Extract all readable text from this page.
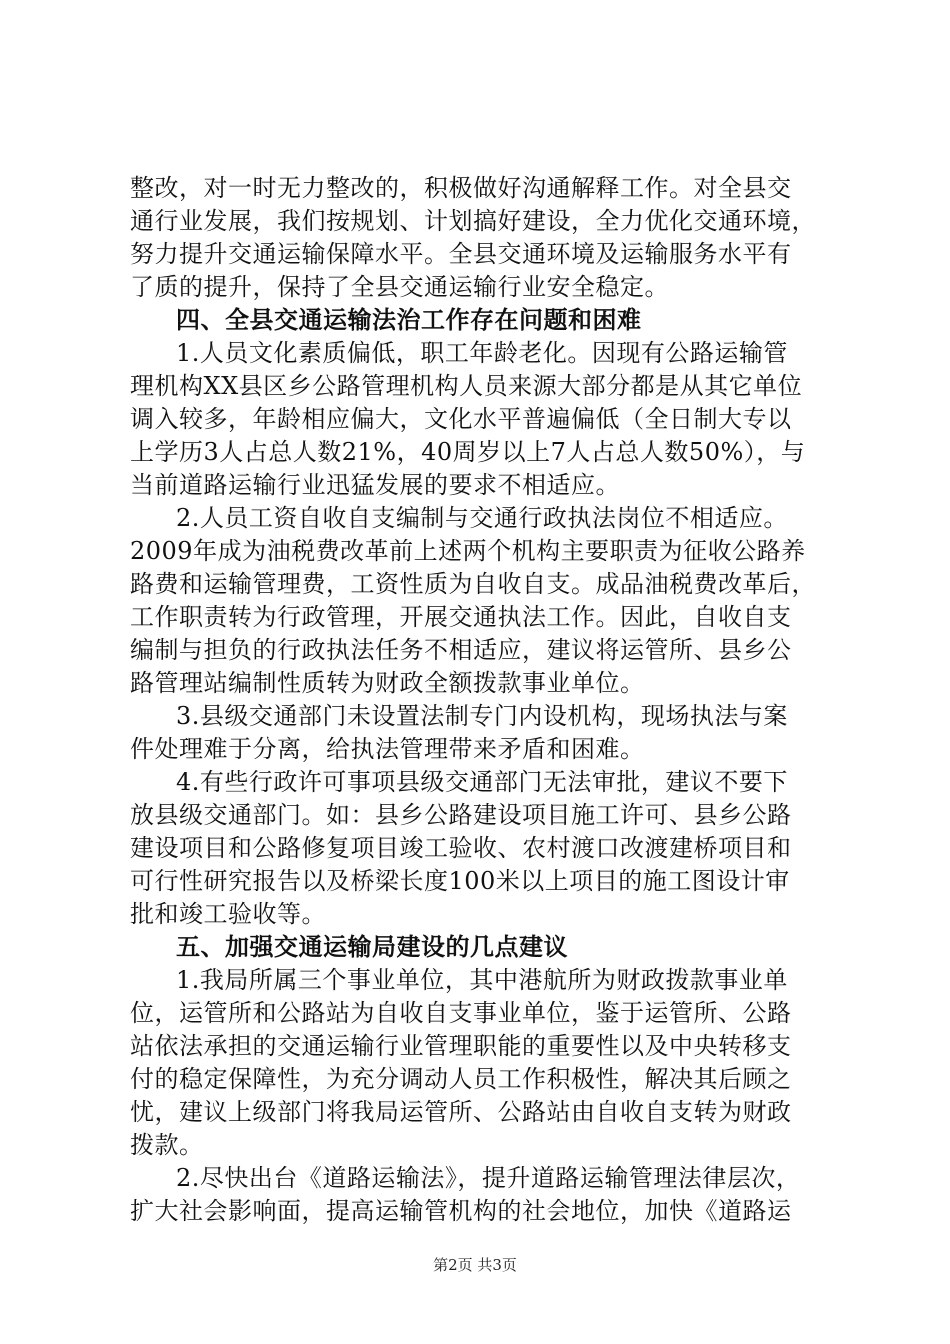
整改，对一时无力整改的，积极做好沟通解释工作。对全县交
通行业发展，我们按规划、计划搞好建设，全力优化交通环境，
努力提升交通运输保障水平。全县交通环境及运输服务水平有
了质的提升，保持了全县交通运输行业安全稳定。
四、全县交通运输法治工作存在问题和困难
1.人员文化素质偏低，职工年龄老化。因现有公路运输管
理机构XX县区乡公路管理机构人员来源大部分都是从其它单位
调入较多，年龄相应偏大，文化水平普遍偏低（全日制大专以
上学历3人占总人数21%，40周岁以上7人占总人数50%），与
当前道路运输行业迅猛发展的要求不相适应。
2.人员工资自收自支编制与交通行政执法岗位不相适应。
2009年成为油税费改革前上述两个机构主要职责为征收公路养
路费和运输管理费，工资性质为自收自支。成品油税费改革后，
工作职责转为行政管理，开展交通执法工作。因此，自收自支
编制与担负的行政执法任务不相适应，建议将运管所、县乡公
路管理站编制性质转为财政全额拨款事业单位。
3.县级交通部门未设置法制专门内设机构，现场执法与案
件处理难于分离，给执法管理带来矛盾和困难。
4.有些行政许可事项县级交通部门无法审批，建议不要下
放县级交通部门。如：县乡公路建设项目施工许可、县乡公路
建设项目和公路修复项目竣工验收、农村渡口改渡建桥项目和
可行性研究报告以及桥梁长度100米以上项目的施工图设计审
批和竣工验收等。
五、加强交通运输局建设的几点建议
1.我局所属三个事业单位，其中港航所为财政拨款事业单
位，运管所和公路站为自收自支事业单位，鉴于运管所、公路
站依法承担的交通运输行业管理职能的重要性以及中央转移支
付的稳定保障性，为充分调动人员工作积极性，解决其后顾之
忧，建议上级部门将我局运管所、公路站由自收自支转为财政
拨款。
2.尽快出台《道路运输法》，提升道路运输管理法律层次，
扩大社会影响面，提高运输管机构的社会地位，加快《道路运
第2页 共3页
